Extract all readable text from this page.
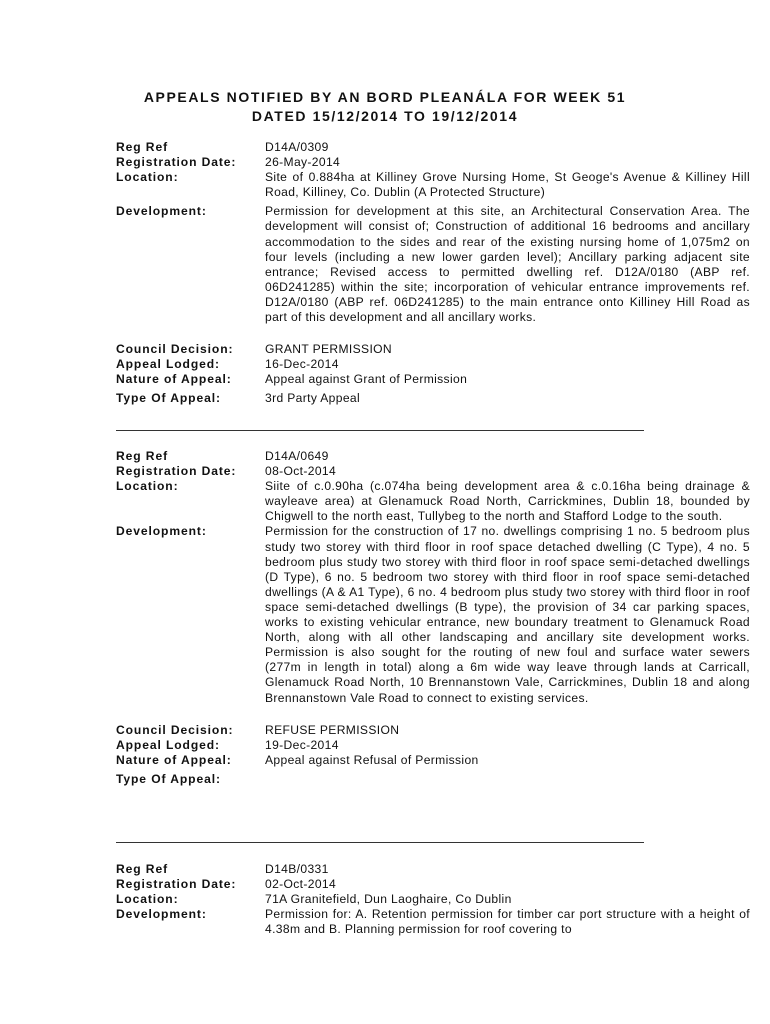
APPEALS NOTIFIED BY AN BORD PLEANÁLA FOR WEEK 51
DATED 15/12/2014 TO 19/12/2014
Reg Ref	D14A/0309
Registration Date:	26-May-2014
Location:	Site of 0.884ha at Killiney Grove Nursing Home, St Geoge's Avenue & Killiney Hill Road, Killiney, Co. Dublin (A Protected Structure)
Development:	Permission for development at this site, an Architectural Conservation Area. The development will consist of; Construction of additional 16 bedrooms and ancillary accommodation to the sides and rear of the existing nursing home of 1,075m2 on four levels (including a new lower garden level); Ancillary parking adjacent site entrance; Revised access to permitted dwelling ref. D12A/0180 (ABP ref. 06D241285) within the site; incorporation of vehicular entrance improvements ref. D12A/0180 (ABP ref. 06D241285) to the main entrance onto Killiney Hill Road as part of this development and all ancillary works.
Council Decision:	GRANT PERMISSION
Appeal Lodged:	16-Dec-2014
Nature of Appeal:	Appeal against Grant of Permission
Type Of Appeal:	3rd Party Appeal
Reg Ref	D14A/0649
Registration Date:	08-Oct-2014
Location:	Siite of c.0.90ha (c.074ha being development area & c.0.16ha being drainage & wayleave area) at Glenamuck Road North, Carrickmines, Dublin 18, bounded by Chigwell to the north east, Tullybeg to the north and Stafford Lodge to the south.
Development:	Permission for the construction of 17 no. dwellings comprising 1 no. 5 bedroom plus study two storey with third floor in roof space detached dwelling (C Type), 4 no. 5 bedroom plus study two storey with third floor in roof space semi-detached dwellings (D Type), 6 no. 5 bedroom two storey with third floor in roof space semi-detached dwellings (A & A1 Type), 6 no. 4 bedroom plus study two storey with third floor in roof space semi-detached dwellings (B type), the provision of 34 car parking spaces, works to existing vehicular entrance, new boundary treatment to Glenamuck Road North, along with all other landscaping and ancillary site development works. Permission is also sought for the routing of new foul and surface water sewers (277m in length in total) along a 6m wide way leave through lands at Carricall, Glenamuck Road North, 10 Brennanstown Vale, Carrickmines, Dublin 18 and along Brennanstown Vale Road to connect to existing services.
Council Decision:	REFUSE PERMISSION
Appeal Lodged:	19-Dec-2014
Nature of Appeal:	Appeal against Refusal of Permission
Type Of Appeal:
Reg Ref	D14B/0331
Registration Date:	02-Oct-2014
Location:	71A Granitefield, Dun Laoghaire, Co Dublin
Development:	Permission for: A. Retention permission for timber car port structure with a height of 4.38m and B. Planning permission for roof covering to
